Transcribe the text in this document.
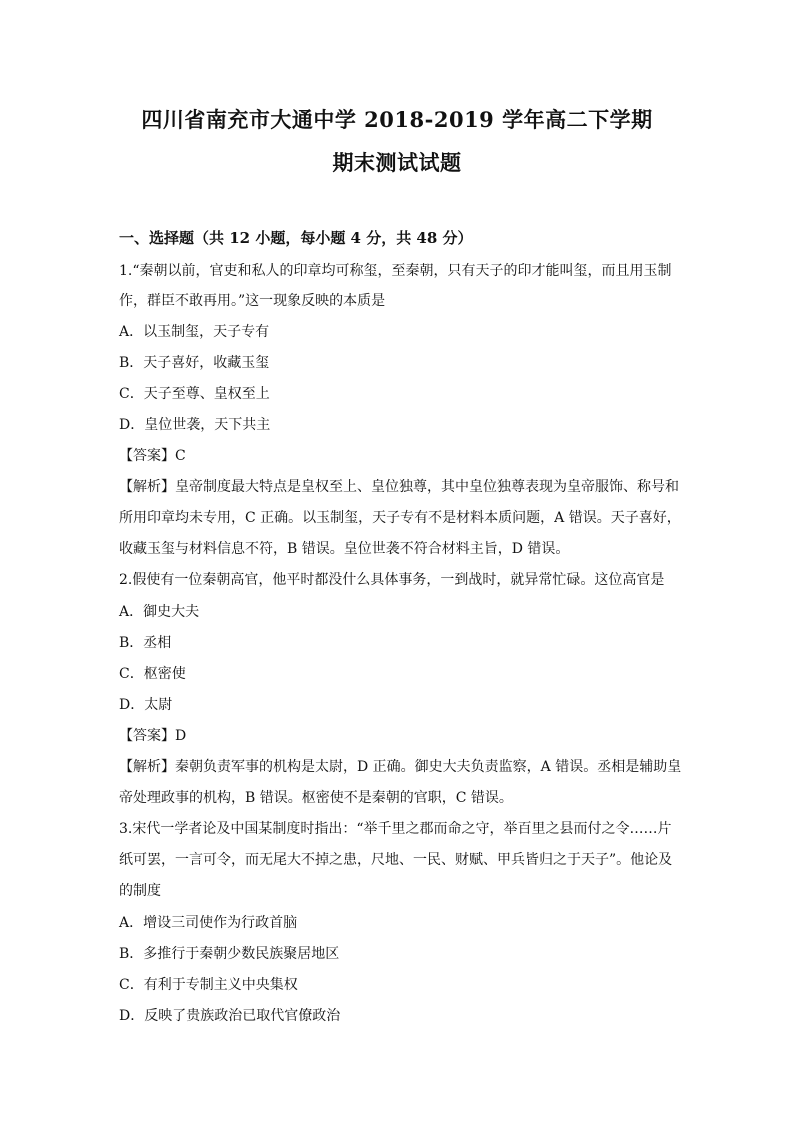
四川省南充市大通中学 2018-2019 学年高二下学期
期末测试试题
一、选择题（共 12 小题，每小题 4 分，共 48 分）
1.“秦朝以前，官吏和私人的印章均可称玺，至秦朝，只有天子的印才能叫玺，而且用玉制
作，群臣不敢再用。”这一现象反映的本质是
A．以玉制玺，天子专有
B．天子喜好，收藏玉玺
C．天子至尊、皇权至上
D．皇位世袭，天下共主
【答案】C
【解析】皇帝制度最大特点是皇权至上、皇位独尊，其中皇位独尊表现为皇帝服饰、称号和
所用印章均未专用，C 正确。以玉制玺，天子专有不是材料本质问题，A 错误。天子喜好，
收藏玉玺与材料信息不符，B 错误。皇位世袭不符合材料主旨，D 错误。
2.假使有一位秦朝高官，他平时都没什么具体事务，一到战时，就异常忙碌。这位高官是
A．御史大夫
B．丞相
C．枢密使
D．太尉
【答案】D
【解析】秦朝负责军事的机构是太尉，D 正确。御史大夫负责监察，A 错误。丞相是辅助皇
帝处理政事的机构，B 错误。枢密使不是秦朝的官职，C 错误。
3.宋代一学者论及中国某制度时指出：“举千里之郡而命之守，举百里之县而付之令……片
纸可罢，一言可令，而无尾大不掉之患，尺地、一民、财赋、甲兵皆归之于天子”。他论及
的制度
A．增设三司使作为行政首脑
B．多推行于秦朝少数民族聚居地区
C．有利于专制主义中央集权
D．反映了贵族政治已取代官僚政治
